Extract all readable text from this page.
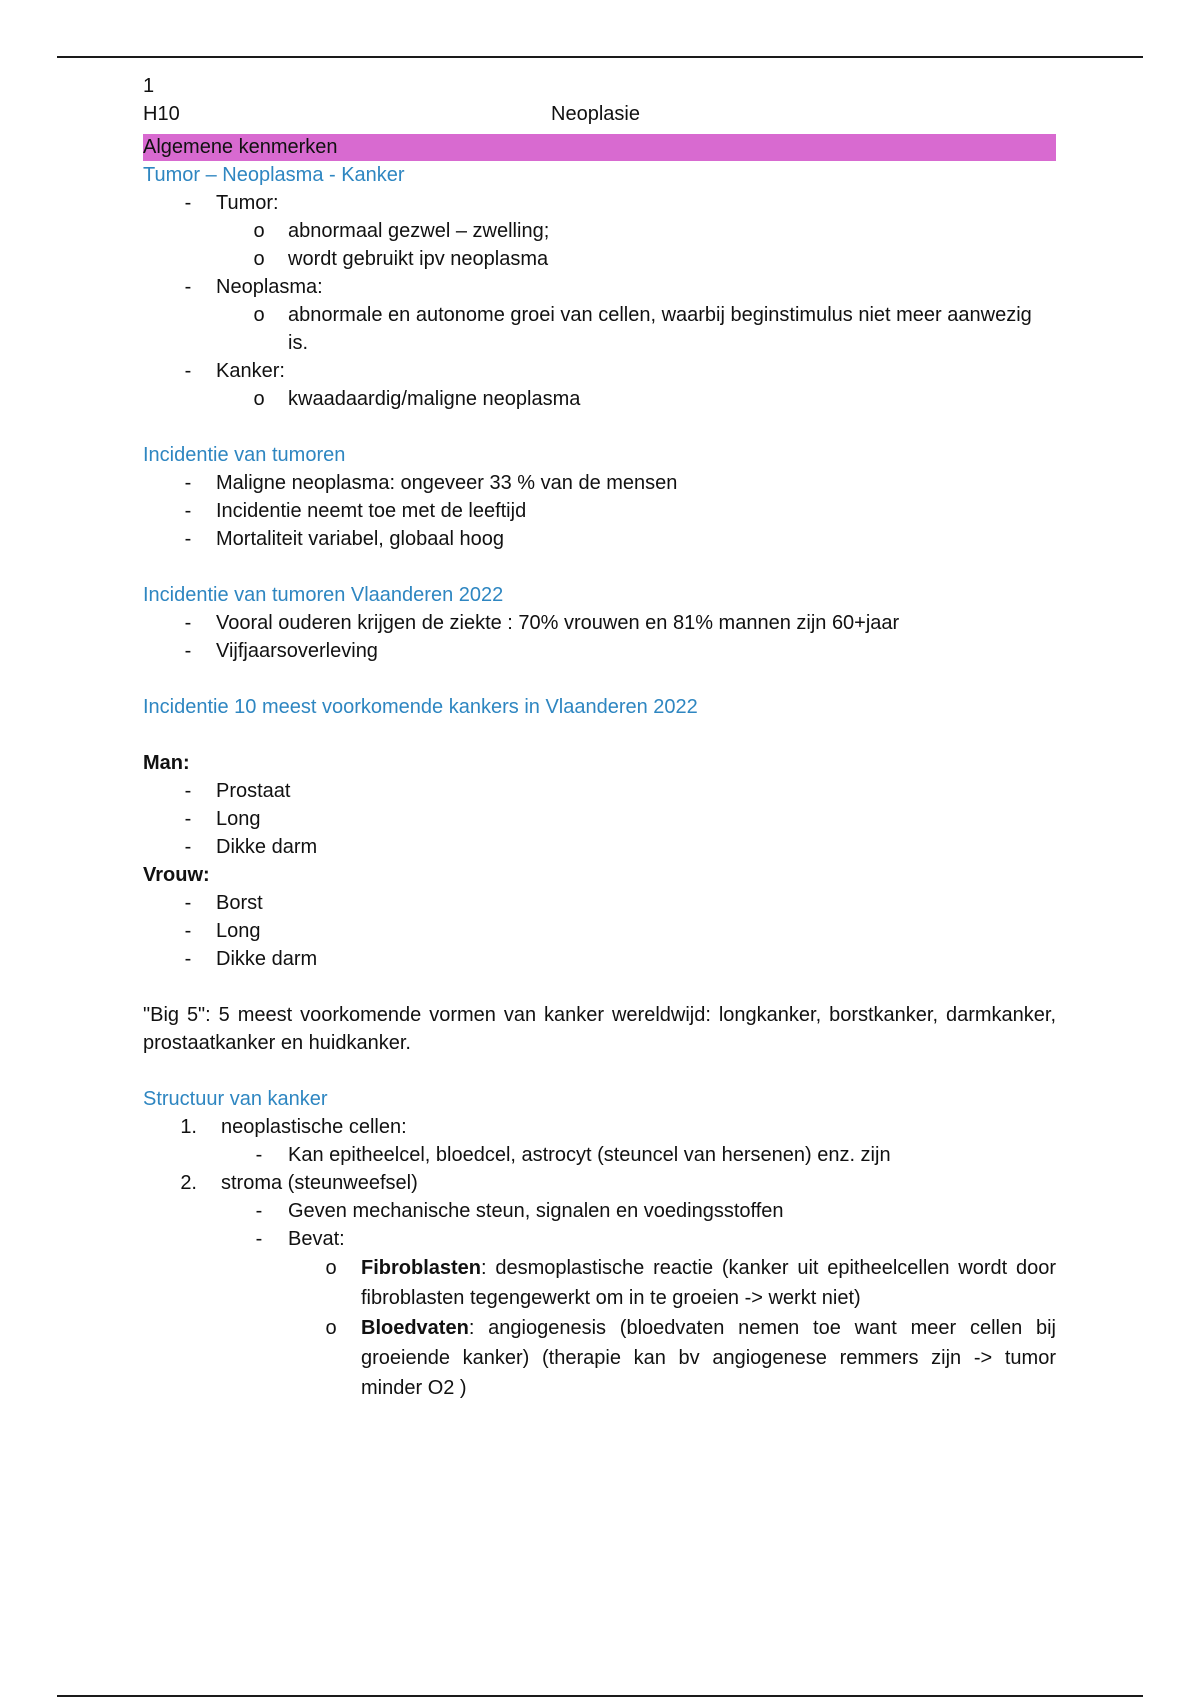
1
H10	Neoplasie
Algemene kenmerken
Tumor – Neoplasma - Kanker
-	Tumor:
o abnormaal gezwel – zwelling;
o wordt gebruikt ipv neoplasma
-	Neoplasma:
o abnormale en autonome groei van cellen, waarbij beginstimulus niet meer aanwezig is.
-	Kanker:
o kwaadaardig/maligne neoplasma
Incidentie van tumoren
-	Maligne neoplasma: ongeveer 33 % van de mensen
-	Incidentie neemt toe met de leeftijd
-	Mortaliteit variabel, globaal hoog
Incidentie van tumoren Vlaanderen 2022
-	Vooral ouderen krijgen de ziekte : 70% vrouwen en 81% mannen zijn 60+jaar
-	Vijfjaarsoverleving
Incidentie 10 meest voorkomende kankers in Vlaanderen 2022
Man:
-	Prostaat
-	Long
-	Dikke darm
Vrouw:
-	Borst
-	Long
-	Dikke darm
"Big 5": 5 meest voorkomende vormen van kanker wereldwijd: longkanker, borstkanker, darmkanker, prostaatkanker en huidkanker.
Structuur van kanker
1. neoplastische cellen:
-	Kan epitheelcel, bloedcel, astrocyt (steuncel van hersenen) enz. zijn
2. stroma (steunweefsel)
-	Geven mechanische steun, signalen en voedingsstoffen
-	Bevat:
o Fibroblasten: desmoplastische reactie (kanker uit epitheelcellen wordt door fibroblasten tegengewerkt om in te groeien -> werkt niet)
o Bloedvaten: angiogenesis (bloedvaten nemen toe want meer cellen bij groeiende kanker) (therapie kan bv angiogenese remmers zijn -> tumor minder O2 )
